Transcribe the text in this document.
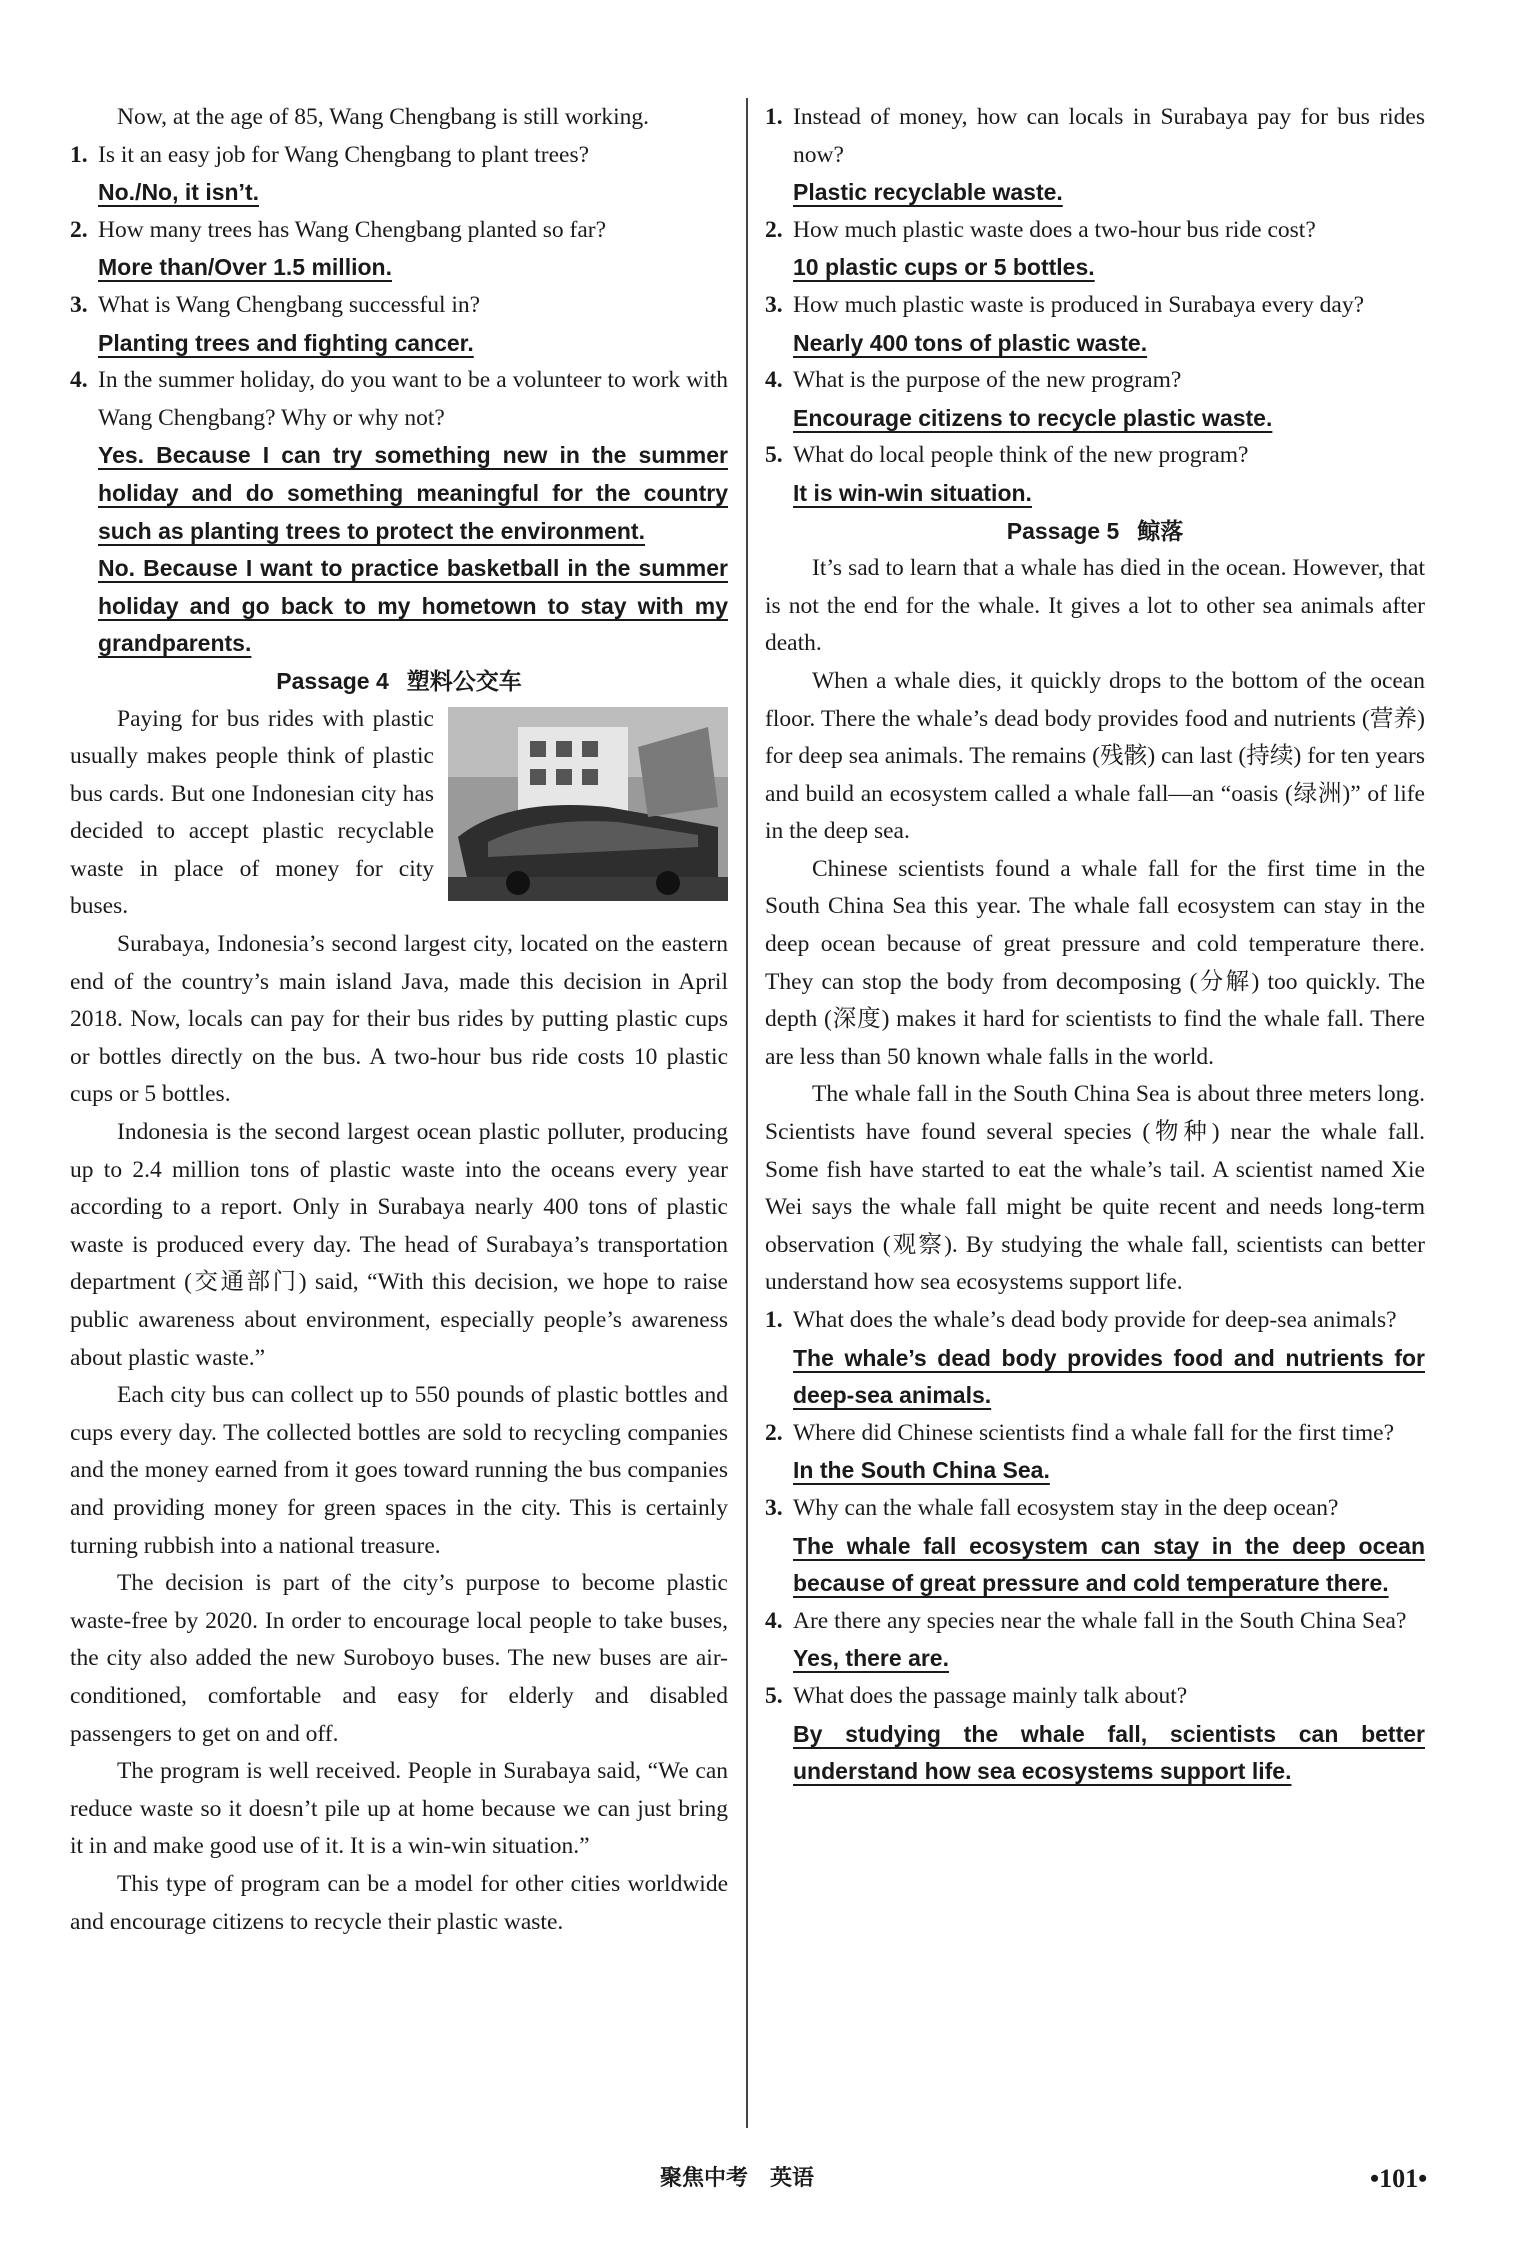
Now, at the age of 85, Wang Chengbang is still working.

1. Is it an easy job for Wang Chengbang to plant trees?

No./No, it isn’t.

2. How many trees has Wang Chengbang planted so far?

More than/Over 1.5 million.

3. What is Wang Chengbang successful in?

Planting trees and fighting cancer.

4. In the summer holiday, do you want to be a volunteer to work with Wang Chengbang? Why or why not?

Yes. Because I can try something new in the summer holiday and do something meaningful for the country such as planting trees to protect the environment.

No. Because I want to practice basketball in the summer holiday and go back to my hometown to stay with my grandparents.

Passage 4 塑料公交车

Paying for bus rides with plastic usually makes people think of plastic bus cards. But one Indonesian city has decided to accept plastic recyclable waste in place of money for city buses.

Surabaya, Indonesia’s second largest city, located on the eastern end of the country’s main island Java, made this decision in April 2018. Now, locals can pay for their bus rides by putting plastic cups or bottles directly on the bus. A two-hour bus ride costs 10 plastic cups or 5 bottles.

Indonesia is the second largest ocean plastic polluter, producing up to 2.4 million tons of plastic waste into the oceans every year according to a report. Only in Surabaya nearly 400 tons of plastic waste is produced every day. The head of Surabaya’s transportation department (交通部门) said, “With this decision, we hope to raise public awareness about environment, especially people’s awareness about plastic waste.”

Each city bus can collect up to 550 pounds of plastic bottles and cups every day. The collected bottles are sold to recycling companies and the money earned from it goes toward running the bus companies and providing money for green spaces in the city. This is certainly turning rubbish into a national treasure.

The decision is part of the city’s purpose to become plastic waste-free by 2020. In order to encourage local people to take buses, the city also added the new Suroboyo buses. The new buses are air-conditioned, comfortable and easy for elderly and disabled passengers to get on and off.

The program is well received. People in Surabaya said, “We can reduce waste so it doesn’t pile up at home because we can just bring it in and make good use of it. It is a win-win situation.”

This type of program can be a model for other cities worldwide and encourage citizens to recycle their plastic waste.

1. Instead of money, how can locals in Surabaya pay for bus rides now?

Plastic recyclable waste.

2. How much plastic waste does a two-hour bus ride cost?

10 plastic cups or 5 bottles.

3. How much plastic waste is produced in Surabaya every day?

Nearly 400 tons of plastic waste.

4. What is the purpose of the new program?

Encourage citizens to recycle plastic waste.

5. What do local people think of the new program?

It is win-win situation.

Passage 5 鲸落

It’s sad to learn that a whale has died in the ocean. However, that is not the end for the whale. It gives a lot to other sea animals after death.

When a whale dies, it quickly drops to the bottom of the ocean floor. There the whale’s dead body provides food and nutrients (营养) for deep sea animals. The remains (残骸) can last (持续) for ten years and build an ecosystem called a whale fall—an “oasis (绿洲)” of life in the deep sea.

Chinese scientists found a whale fall for the first time in the South China Sea this year. The whale fall ecosystem can stay in the deep ocean because of great pressure and cold temperature there. They can stop the body from decomposing (分解) too quickly. The depth (深度) makes it hard for scientists to find the whale fall. There are less than 50 known whale falls in the world.

The whale fall in the South China Sea is about three meters long. Scientists have found several species (物种) near the whale fall. Some fish have started to eat the whale’s tail. A scientist named Xie Wei says the whale fall might be quite recent and needs long-term observation (观察). By studying the whale fall, scientists can better understand how sea ecosystems support life.

1. What does the whale’s dead body provide for deep-sea animals?

The whale’s dead body provides food and nutrients for deep-sea animals.

2. Where did Chinese scientists find a whale fall for the first time?

In the South China Sea.

3. Why can the whale fall ecosystem stay in the deep ocean?

The whale fall ecosystem can stay in the deep ocean because of great pressure and cold temperature there.

4. Are there any species near the whale fall in the South China Sea?

Yes, there are.

5. What does the passage mainly talk about?

By studying the whale fall, scientists can better understand how sea ecosystems support life.

聚焦中考　英语	•101•
